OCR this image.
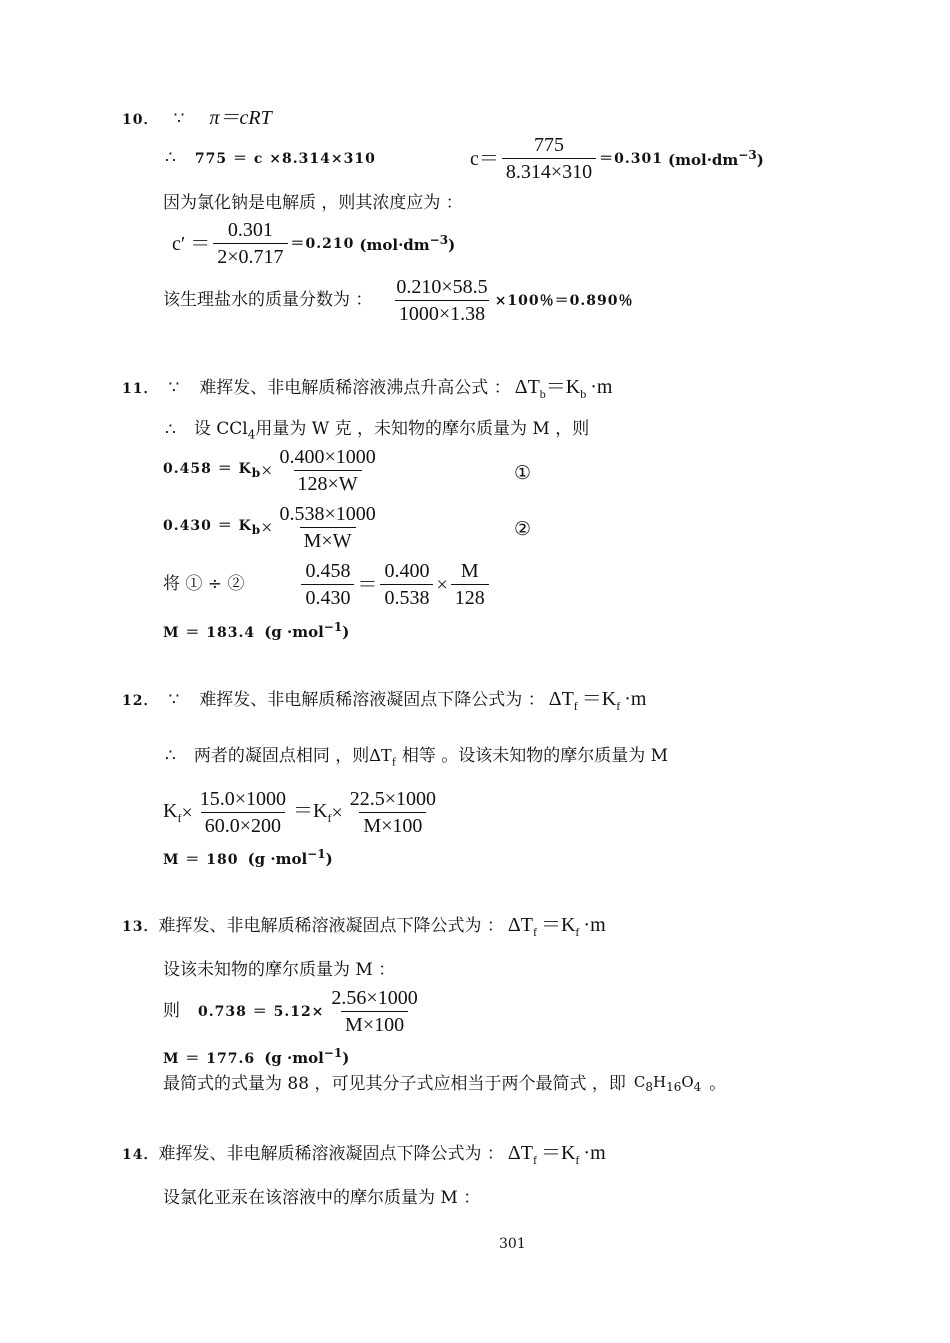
10． ∵ π＝cRT
∴ 775 ＝ c ×8.314×310	$c= \frac{775}{8.314\times 310} =0.301$ $(mol\cdot dm^{-3})$
因为氯化钠是电解质 ，则其浓度应为 ：
$c' = \frac{0.301}{2\times 0.717} =0.210$ $(mol\cdot dm^{-3})$
该生理盐水的质量分数为 ： $\frac{0.210\times 58.5}{1000\times 1.38} \times 100$％＝0.890％
11． ∵ 难挥发、非电解质稀溶液沸点升高公式 ： $\Delta T_b=K_b \cdot m$
∴ 设 CCl$_4$用量为 W 克 ，未知物的摩尔质量为 M ，则
$0.458 = K_b \times \frac{0.400\times 1000}{128\times W}$	①
$0.430 = K_b \times \frac{0.538\times 1000}{M\times W}$	②
将 ① ÷ ②	$\frac{0.458}{0.430} = \frac{0.400}{0.538} \times \frac{M}{128}$
M ＝ 183.4 (g ·mol$^{-1}$)
12． ∵ 难挥发、非电解质稀溶液凝固点下降公式为 ： $\Delta T_f =K_f \cdot m$
∴ 两者的凝固点相同 ，则 $\Delta T_f$ 相等 。设该未知物的摩尔质量为 M
$K_f \times \frac{15.0\times 1000}{60.0\times 200} =K_f \times \frac{22.5\times 1000}{M\times 100}$
M ＝ 180 (g ·mol$^{-1}$)
13． 难挥发、非电解质稀溶液凝固点下降公式为 ： $\Delta T_f =K_f \cdot m$
设该未知物的摩尔质量为 M ：
则 $0.738 = 5.12\times \frac{2.56\times 1000}{M\times 100}$
M ＝ 177.6 (g ·mol$^{-1}$)
最简式的式量为 88 ，可见其分子式应相当于两个最简式 ，即 $C_8H_{16}O_4$ 。
14． 难挥发、非电解质稀溶液凝固点下降公式为 ： $\Delta T_f =K_f \cdot m$
设氯化亚汞在该溶液中的摩尔质量为 M ：
301
